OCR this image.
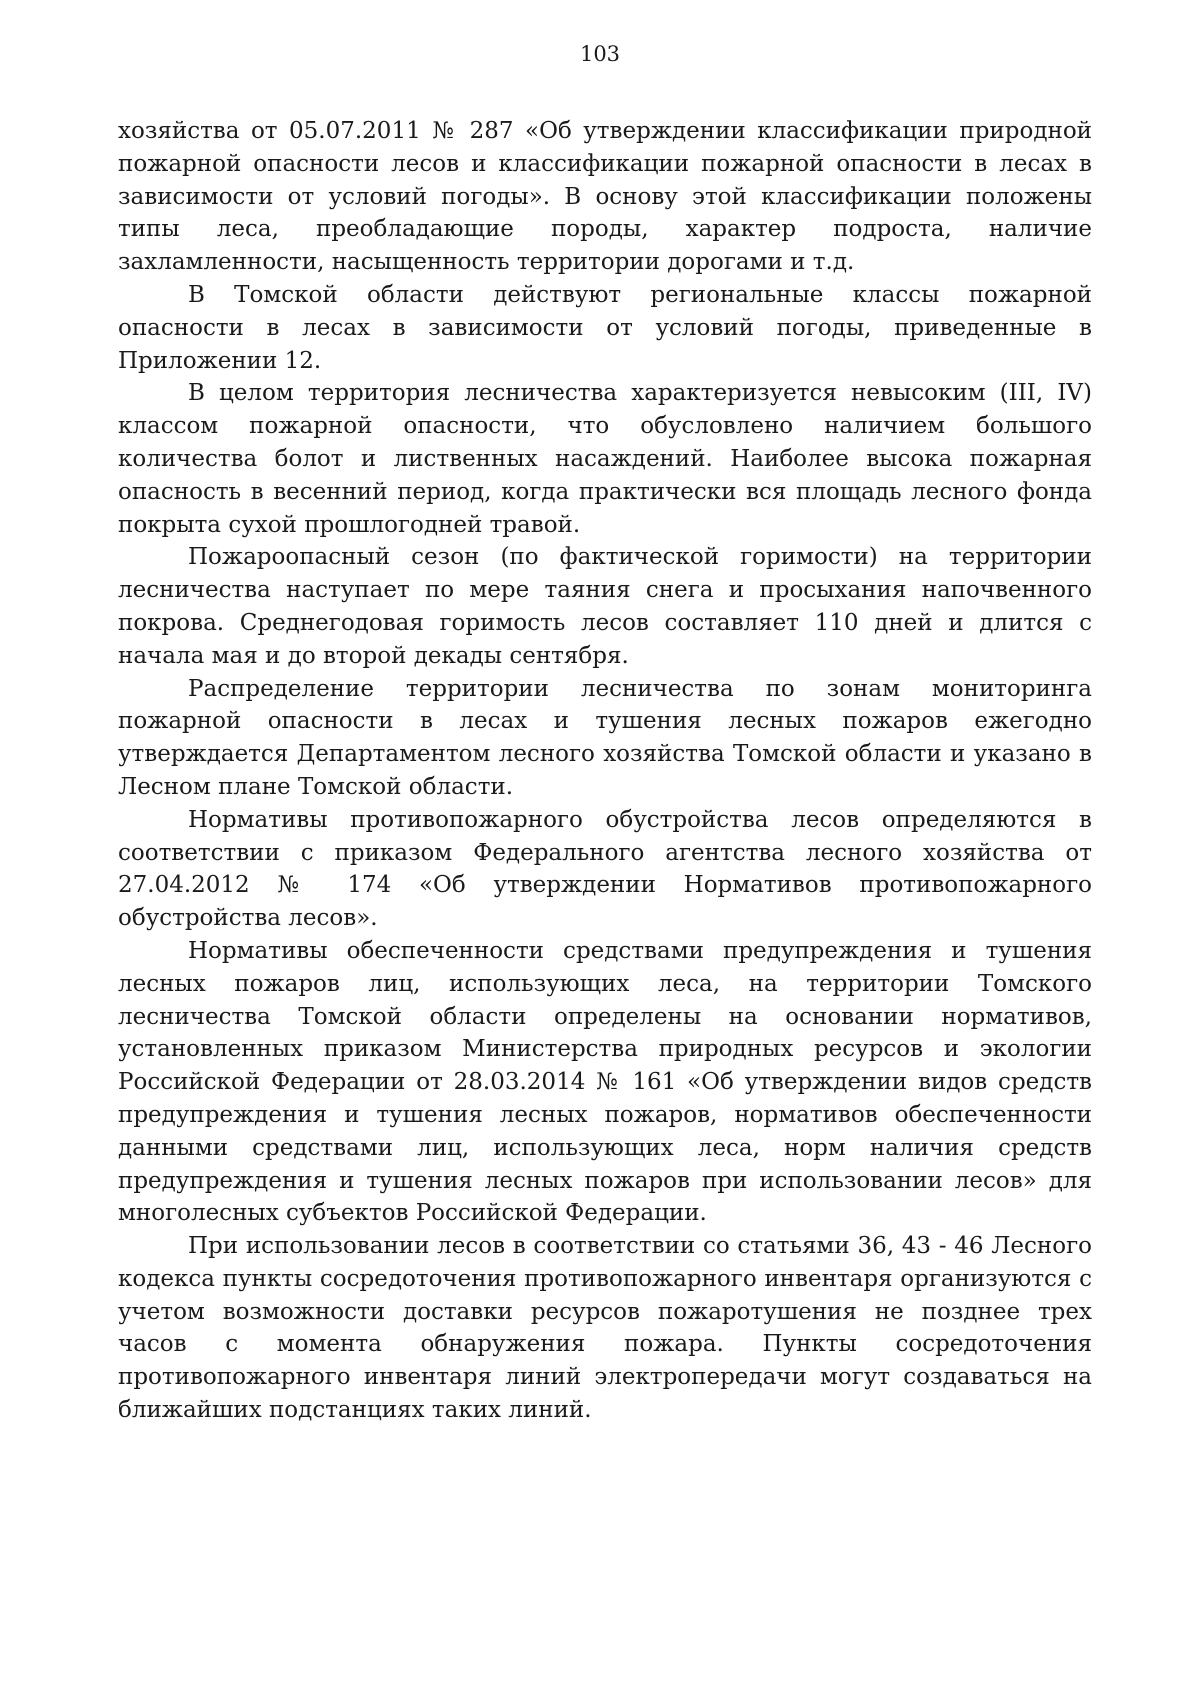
103

хозяйства от 05.07.2011 № 287 «Об утверждении классификации природной пожарной опасности лесов и классификации пожарной опасности в лесах в зависимости от условий погоды». В основу этой классификации положены типы леса, преобладающие породы, характер подроста, наличие захламленности, насыщенность территории дорогами и т.д.

В Томской области действуют региональные классы пожарной опасности в лесах в зависимости от условий погоды, приведенные в Приложении 12.

В целом территория лесничества характеризуется невысоким (III, IV) классом пожарной опасности, что обусловлено наличием большого количества болот и лиственных насаждений. Наиболее высока пожарная опасность в весенний период, когда практически вся площадь лесного фонда покрыта сухой прошлогодней травой.

Пожароопасный сезон (по фактической горимости) на территории лесничества наступает по мере таяния снега и просыхания напочвенного покрова. Среднегодовая горимость лесов составляет 110 дней и длится с начала мая и до второй декады сентября.

Распределение территории лесничества по зонам мониторинга пожарной опасности в лесах и тушения лесных пожаров ежегодно утверждается Департаментом лесного хозяйства Томской области и указано в Лесном плане Томской области.

Нормативы противопожарного обустройства лесов определяются в соответствии с приказом Федерального агентства лесного хозяйства от 27.04.2012 № 174 «Об утверждении Нормативов противопожарного обустройства лесов».

Нормативы обеспеченности средствами предупреждения и тушения лесных пожаров лиц, использующих леса, на территории Томского лесничества Томской области определены на основании нормативов, установленных приказом Министерства природных ресурсов и экологии Российской Федерации от 28.03.2014 № 161 «Об утверждении видов средств предупреждения и тушения лесных пожаров, нормативов обеспеченности данными средствами лиц, использующих леса, норм наличия средств предупреждения и тушения лесных пожаров при использовании лесов» для многолесных субъектов Российской Федерации.

При использовании лесов в соответствии со статьями 36, 43 - 46 Лесного кодекса пункты сосредоточения противопожарного инвентаря организуются с учетом возможности доставки ресурсов пожаротушения не позднее трех часов с момента обнаружения пожара. Пункты сосредоточения противопожарного инвентаря линий электропередачи могут создаваться на ближайших подстанциях таких линий.
